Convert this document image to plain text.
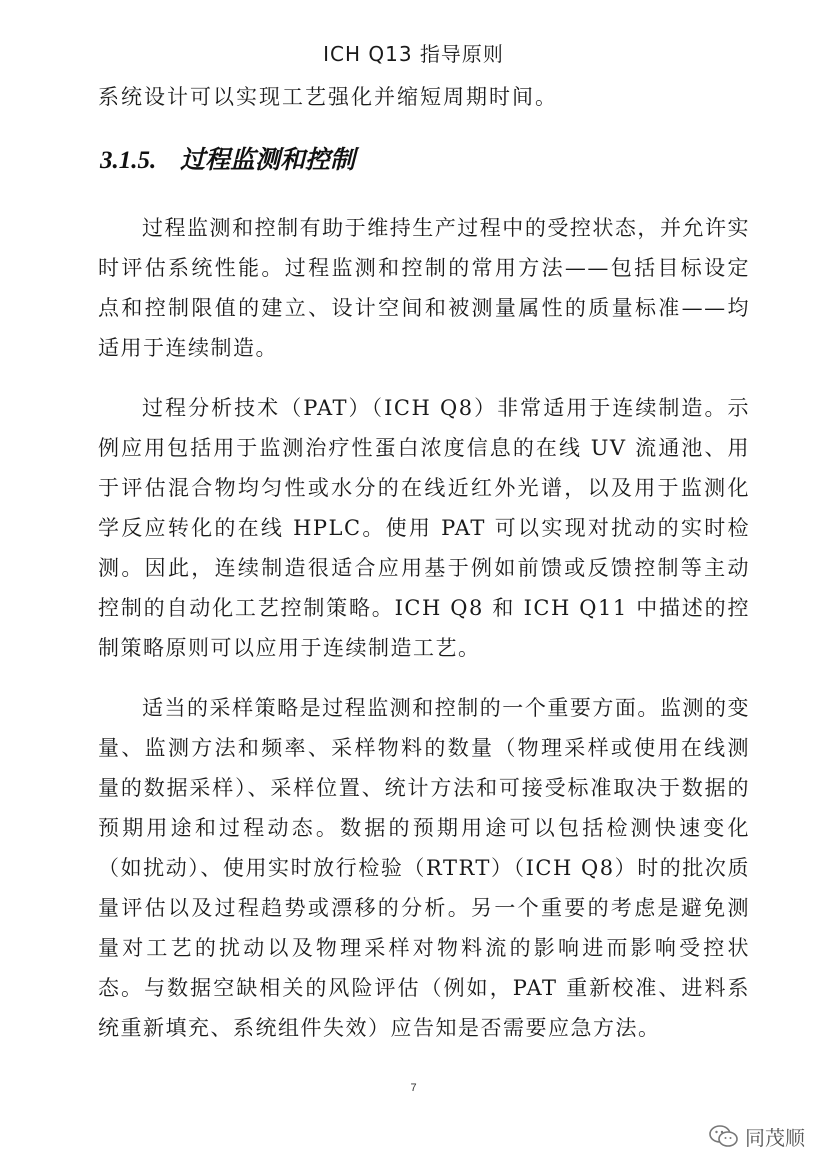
ICH Q13 指导原则
系统设计可以实现工艺强化并缩短周期时间。
3.1.5. 过程监测和控制

过程监测和控制有助于维持生产过程中的受控状态，并允许实时评估系统性能。过程监测和控制的常用方法——包括目标设定点和控制限值的建立、设计空间和被测量属性的质量标准——均适用于连续制造。

过程分析技术（PAT）（ICH Q8）非常适用于连续制造。示例应用包括用于监测治疗性蛋白浓度信息的在线 UV 流通池、用于评估混合物均匀性或水分的在线近红外光谱，以及用于监测化学反应转化的在线 HPLC。使用 PAT 可以实现对扰动的实时检测。因此，连续制造很适合应用基于例如前馈或反馈控制等主动控制的自动化工艺控制策略。ICH Q8 和 ICH Q11 中描述的控制策略原则可以应用于连续制造工艺。

适当的采样策略是过程监测和控制的一个重要方面。监测的变量、监测方法和频率、采样物料的数量（物理采样或使用在线测量的数据采样）、采样位置、统计方法和可接受标准取决于数据的预期用途和过程动态。数据的预期用途可以包括检测快速变化（如扰动）、使用实时放行检验（RTRT）（ICH Q8）时的批次质量评估以及过程趋势或漂移的分析。另一个重要的考虑是避免测量对工艺的扰动以及物理采样对物料流的影响进而影响受控状态。与数据空缺相关的风险评估（例如，PAT 重新校准、进料系统重新填充、系统组件失效）应告知是否需要应急方法。

7
同茂顺
